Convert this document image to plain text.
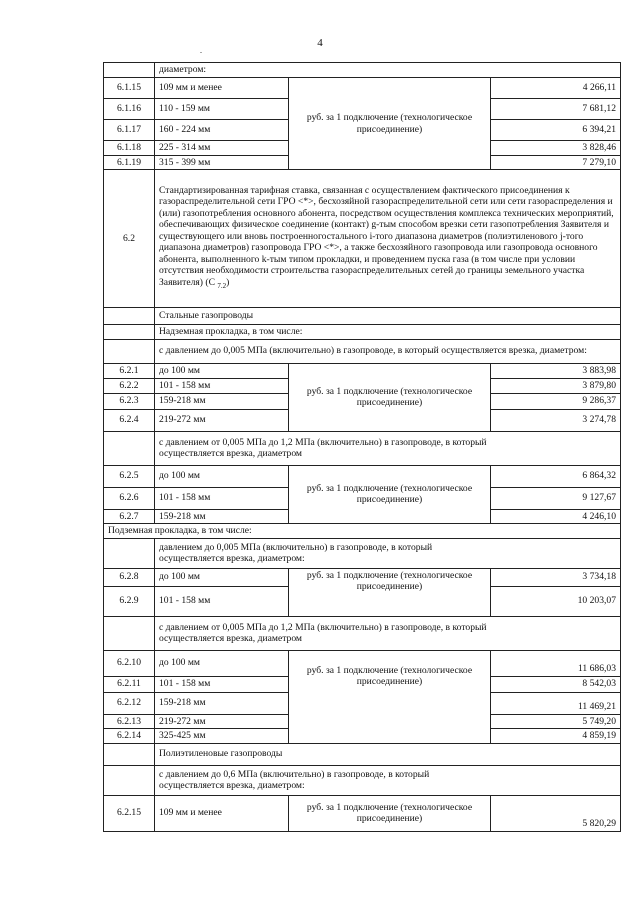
4
.
	диаметром:		
6.1.15	109 мм и менее	руб. за 1 подключение (технологическое присоединение)	4 266,11
6.1.16	110 - 159 мм		7 681,12
6.1.17	160 - 224 мм		6 394,21
6.1.18	225 - 314 мм		3 828,46
6.1.19	315 - 399 мм		7 279,10
6.2	Стандартизированная тарифная ставка, связанная с осуществлением фактического присоединения к газораспределительной сети ГРО <*>, бесхозяйной газораспределительной сети или сети газораспределения и (или) газопотребления основного абонента, посредством осуществления комплекса технических мероприятий, обеспечивающих физическое соединение (контакт) g-тым способом врезки сети газопотребления Заявителя и существующего или вновь построенногостального i-того диапазона диаметров (полиэтиленового j-того диапазона диаметров) газопровода ГРО <*>, а также бесхозяйного газопровода или газопровода основного абонента, выполненного k-тым типом прокладки, и проведением пуска газа (в том числе при условии отсутствия необходимости строительства газораспределительных сетей до границы земельного участка Заявителя) (С $_{7.2}$)		
	Стальные газопроводы		
	Надземная прокладка, в том числе:		
	с давлением до 0,005 МПа (включительно) в газопроводе, в который осуществляется врезка, диаметром:		
6.2.1	до 100 мм	руб. за 1 подключение (технологическое присоединение)	3 883,98
6.2.2	101 - 158 мм		3 879,80
6.2.3	159-218 мм		9 286,37
6.2.4	219-272 мм		3 274,78
	с давлением от 0,005 МПа до 1,2 МПа (включительно) в газопроводе, в который осуществляется врезка, диаметром		
6.2.5	до 100 мм	руб. за 1 подключение (технологическое присоединение)	6 864,32
6.2.6	101 - 158 мм		9 127,67
6.2.7	159-218 мм		4 246,10
Подземная прокладка, в том числе:			
	давлением до 0,005 МПа (включительно) в газопроводе, в который осуществляется врезка, диаметром:		
6.2.8	до 100 мм	руб. за 1 подключение (технологическое присоединение)	3 734,18
6.2.9	101 - 158 мм		10 203,07
	с давлением от 0,005 МПа до 1,2 МПа (включительно) в газопроводе, в который осуществляется врезка, диаметром		
6.2.10	до 100 мм	руб. за 1 подключение (технологическое присоединение)	11 686,03
6.2.11	101 - 158 мм		8 542,03
6.2.12	159-218 мм		11 469,21
6.2.13	219-272 мм		5 749,20
6.2.14	325-425 мм		4 859,19
	Полиэтиленовые газопроводы		
	с давлением до 0,6 МПа (включительно) в газопроводе, в который осуществляется врезка, диаметром:		
6.2.15	109 мм и менее	руб. за 1 подключение (технологическое присоединение)	5 820,29
